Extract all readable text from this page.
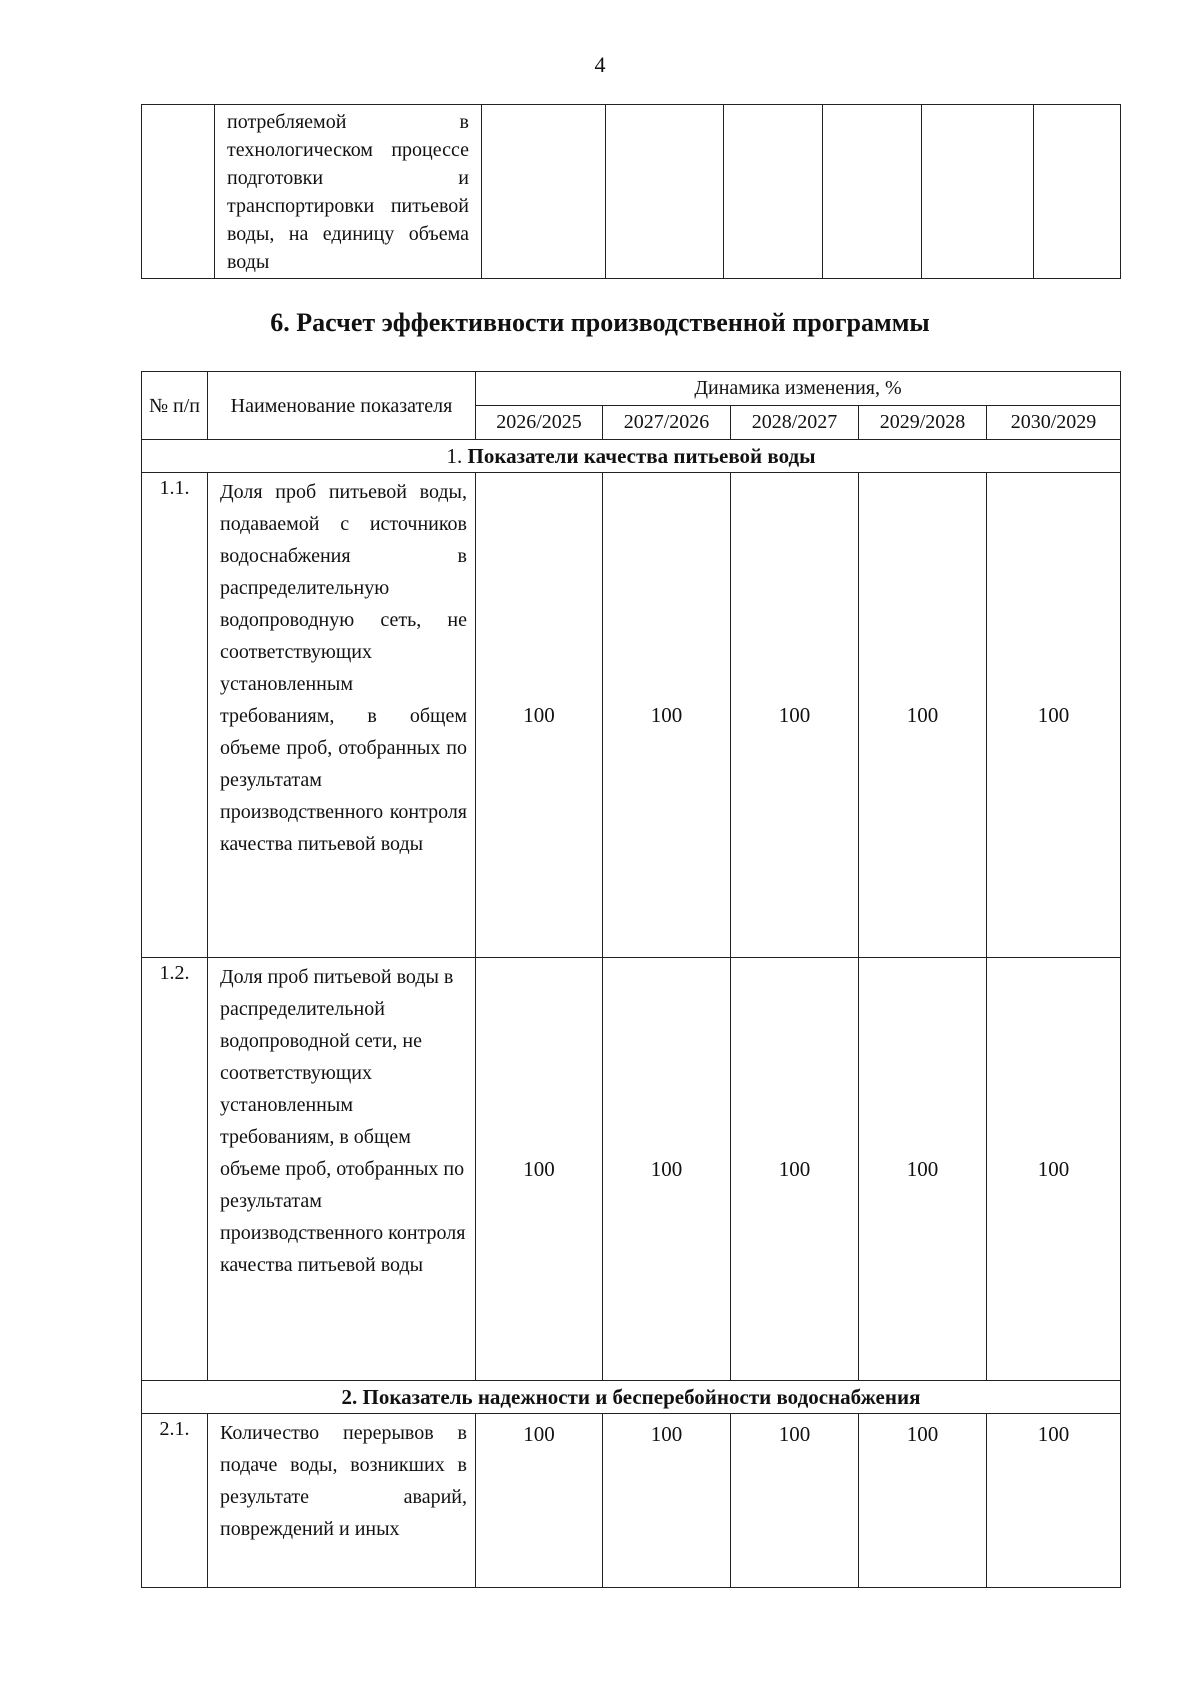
4
	потребляемой в технологическом процессе подготовки и транспортировки питьевой воды, на единицу объема воды						
6. Расчет эффективности производственной программы
№ п/п	Наименование показателя	Динамика изменения, %				
		2026/2025	2027/2026	2028/2027	2029/2028	2030/2029
1. Показатели качества питьевой воды						
1.1.	Доля проб питьевой воды, подаваемой с источников водоснабжения в распределительную водопроводную сеть, не соответствующих установленным требованиям, в общем объеме проб, отобранных по результатам производственного контроля качества питьевой воды	100	100	100	100	100
1.2.	Доля проб питьевой воды в распределительной водопроводной сети, не соответствующих установленным требованиям, в общем объеме проб, отобранных по результатам производственного контроля качества питьевой воды	100	100	100	100	100
2. Показатель надежности и бесперебойности водоснабжения						
2.1.	Количество перерывов в подаче воды, возникших в результате аварий, повреждений и иных	100	100	100	100	100
